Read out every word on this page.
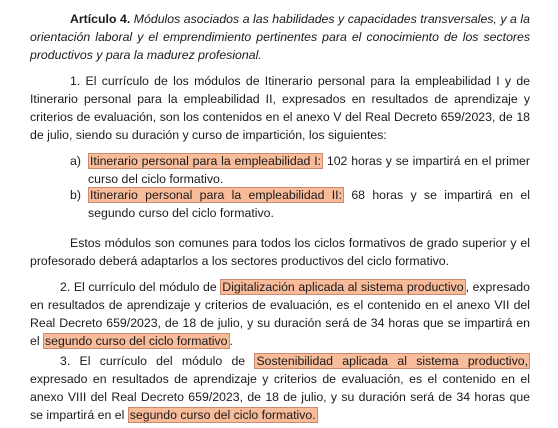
Artículo 4. Módulos asociados a las habilidades y capacidades transversales, y a la orientación laboral y el emprendimiento pertinentes para el conocimiento de los sectores productivos y para la madurez profesional.

1. El currículo de los módulos de Itinerario personal para la empleabilidad I y de Itinerario personal para la empleabilidad II, expresados en resultados de aprendizaje y criterios de evaluación, son los contenidos en el anexo V del Real Decreto 659/2023, de 18 de julio, siendo su duración y curso de impartición, los siguientes:

a) Itinerario personal para la empleabilidad I: 102 horas y se impartirá en el primer curso del ciclo formativo.
b) Itinerario personal para la empleabilidad II: 68 horas y se impartirá en el segundo curso del ciclo formativo.

Estos módulos son comunes para todos los ciclos formativos de grado superior y el profesorado deberá adaptarlos a los sectores productivos del ciclo formativo.

2. El currículo del módulo de Digitalización aplicada al sistema productivo , expresado en resultados de aprendizaje y criterios de evaluación, es el contenido en el anexo VII del Real Decreto 659/2023, de 18 de julio, y su duración será de 34 horas que se impartirá en el segundo curso del ciclo formativo .

3. El currículo del módulo de Sostenibilidad aplicada al sistema productivo, expresado en resultados de aprendizaje y criterios de evaluación, es el contenido en el anexo VIII del Real Decreto 659/2023, de 18 de julio, y su duración será de 34 horas que se impartirá en el segundo curso del ciclo formativo.
